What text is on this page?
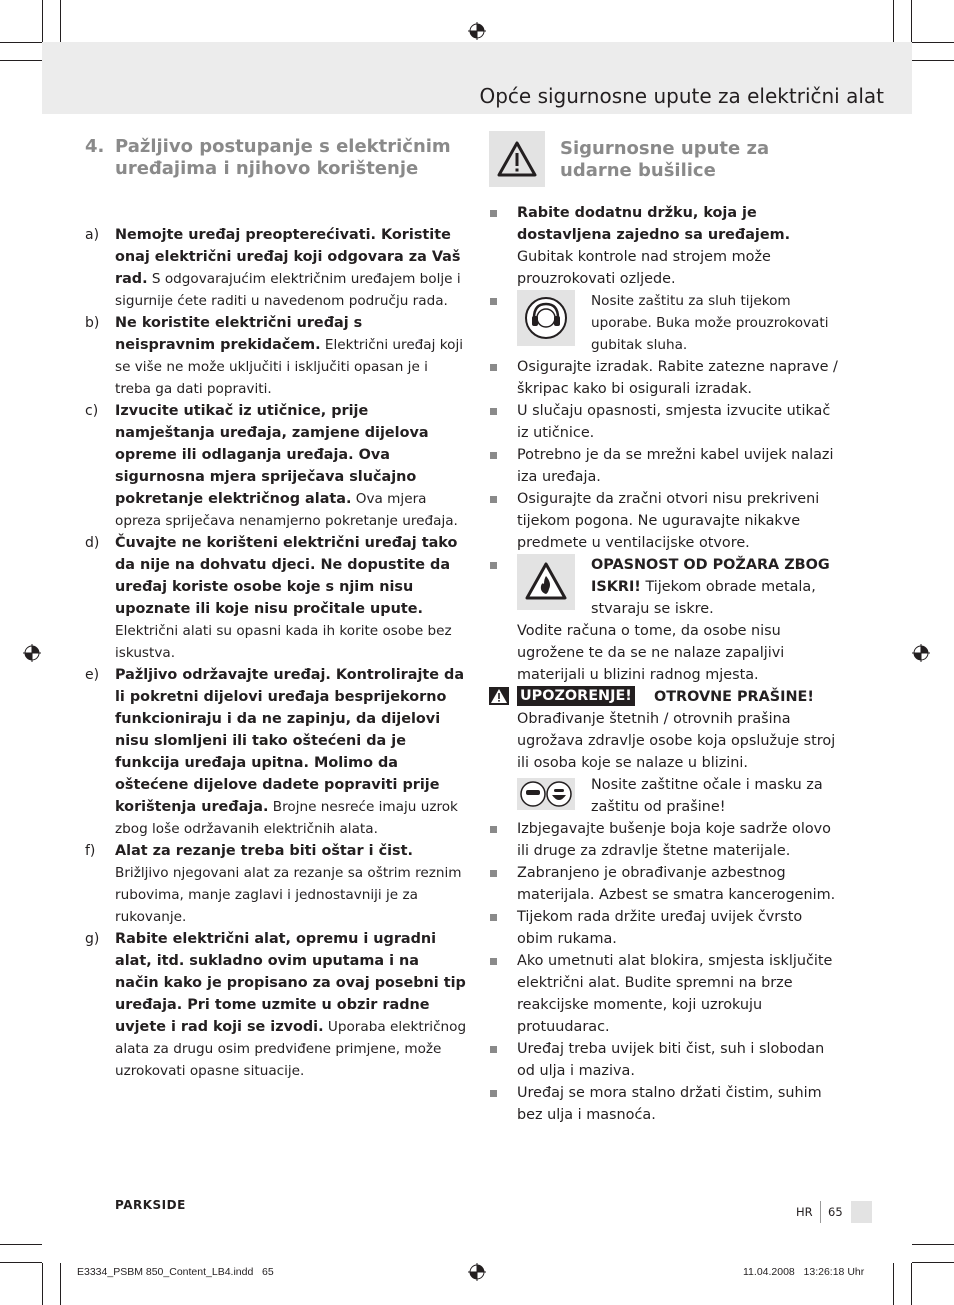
Opće sigurnosne upute za električni alat
4. Pažljivo postupanje s električnim uređajima i njihovo korištenje
a) Nemojte uređaj preopterećivati. Koristite onaj električni uređaj koji odgovara za Vaš rad. S odgovarajućim električnim uređajem bolje i sigurnije ćete raditi u navedenom području rada.
b) Ne koristite električni uređaj s neispravnim prekidačem. Električni uređaj koji se više ne može uključiti i isključiti opasan je i treba ga dati popraviti.
c) Izvucite utikač iz utičnice, prije namještanja uređaja, zamjene dijelova opreme ili odlaganja uređaja. Ova sigurnosna mjera spriječava slučajno pokretanje električnog alata. Ova mjera opreza spriječava nenamjerno pokretanje uređaja.
d) Čuvajte ne korišteni električni uređaj tako da nije na dohvatu djeci. Ne dopustite da uređaj koriste osobe koje s njim nisu upoznate ili koje nisu pročitale upute. Električni alati su opasni kada ih korite osobe bez iskustva.
e) Pažljivo održavajte uređaj. Kontrolirajte da li pokretni dijelovi uređaja besprijekorno funkcioniraju i da ne zapinju, da dijelovi nisu slomljeni ili tako oštećeni da je funkcija uređaja upitna. Molimo da oštećene dijelove dadete popraviti prije korištenja uređaja. Brojne nesreće imaju uzrok zbog loše održavanih električnih alata.
f) Alat za rezanje treba biti oštar i čist. Brižljivo njegovani alat za rezanje sa oštrim reznim rubovima, manje zaglavi i jednostavniji je za rukovanje.
g) Rabite električni alat, opremu i ugradni alat, itd. sukladno ovim uputama i na način kako je propisano za ovaj posebni tip uređaja. Pri tome uzmite u obzir radne uvjete i rad koji se izvodi. Uporaba električnog alata za drugu osim predviđene primjene, može uzrokovati opasne situacije.
Sigurnosne upute za udarne bušilice
Rabite dodatnu držku, koja je dostavljena zajedno sa uređajem. Gubitak kontrole nad strojem može prouzrokovati ozljede.
Nosite zaštitu za sluh tijekom uporabe. Buka može prouzrokovati gubitak sluha.
Osigurajte izradak. Rabite zatezne naprave / škripac kako bi osigurali izradak.
U slučaju opasnosti, smjesta izvucite utikač iz utičnice.
Potrebno je da se mrežni kabel uvijek nalazi iza uređaja.
Osigurajte da zračni otvori nisu prekriveni tijekom pogona. Ne uguravajte nikakve predmete u ventilacijske otvore.
OPASNOST OD POŽARA ZBOG ISKRI! Tijekom obrade metala, stvaraju se iskre.
Vodite računa o tome, da osobe nisu ugrožene te da se ne nalaze zapaljivi materijali u blizini radnog mjesta.
UPOZORENJE! OTROVNE PRAŠINE!
Obrađivanje štetnih / otrovnih prašina ugrožava zdravlje osobe koja opslužuje stroj ili osoba koje se nalaze u blizini.
Nosite zaštitne očale i masku za zaštitu od prašine!
Izbjegavajte bušenje boja koje sadrže olovo ili druge za zdravlje štetne materijale.
Zabranjeno je obrađivanje azbestnog materijala. Azbest se smatra kancerogenim.
Tijekom rada držite uređaj uvijek čvrsto obim rukama.
Ako umetnuti alat blokira, smjesta isključite električni alat. Budite spremni na brze reakcijske momente, koji uzrokuju protuudarac.
Uređaj treba uvijek biti čist, suh i slobodan od ulja i maziva.
Uređaj se mora stalno držati čistim, suhim bez ulja i masnoća.
PARKSIDE	HR 65
E3334_PSBM 850_Content_LB4.indd   65	11.04.2008   13:26:18 Uhr
